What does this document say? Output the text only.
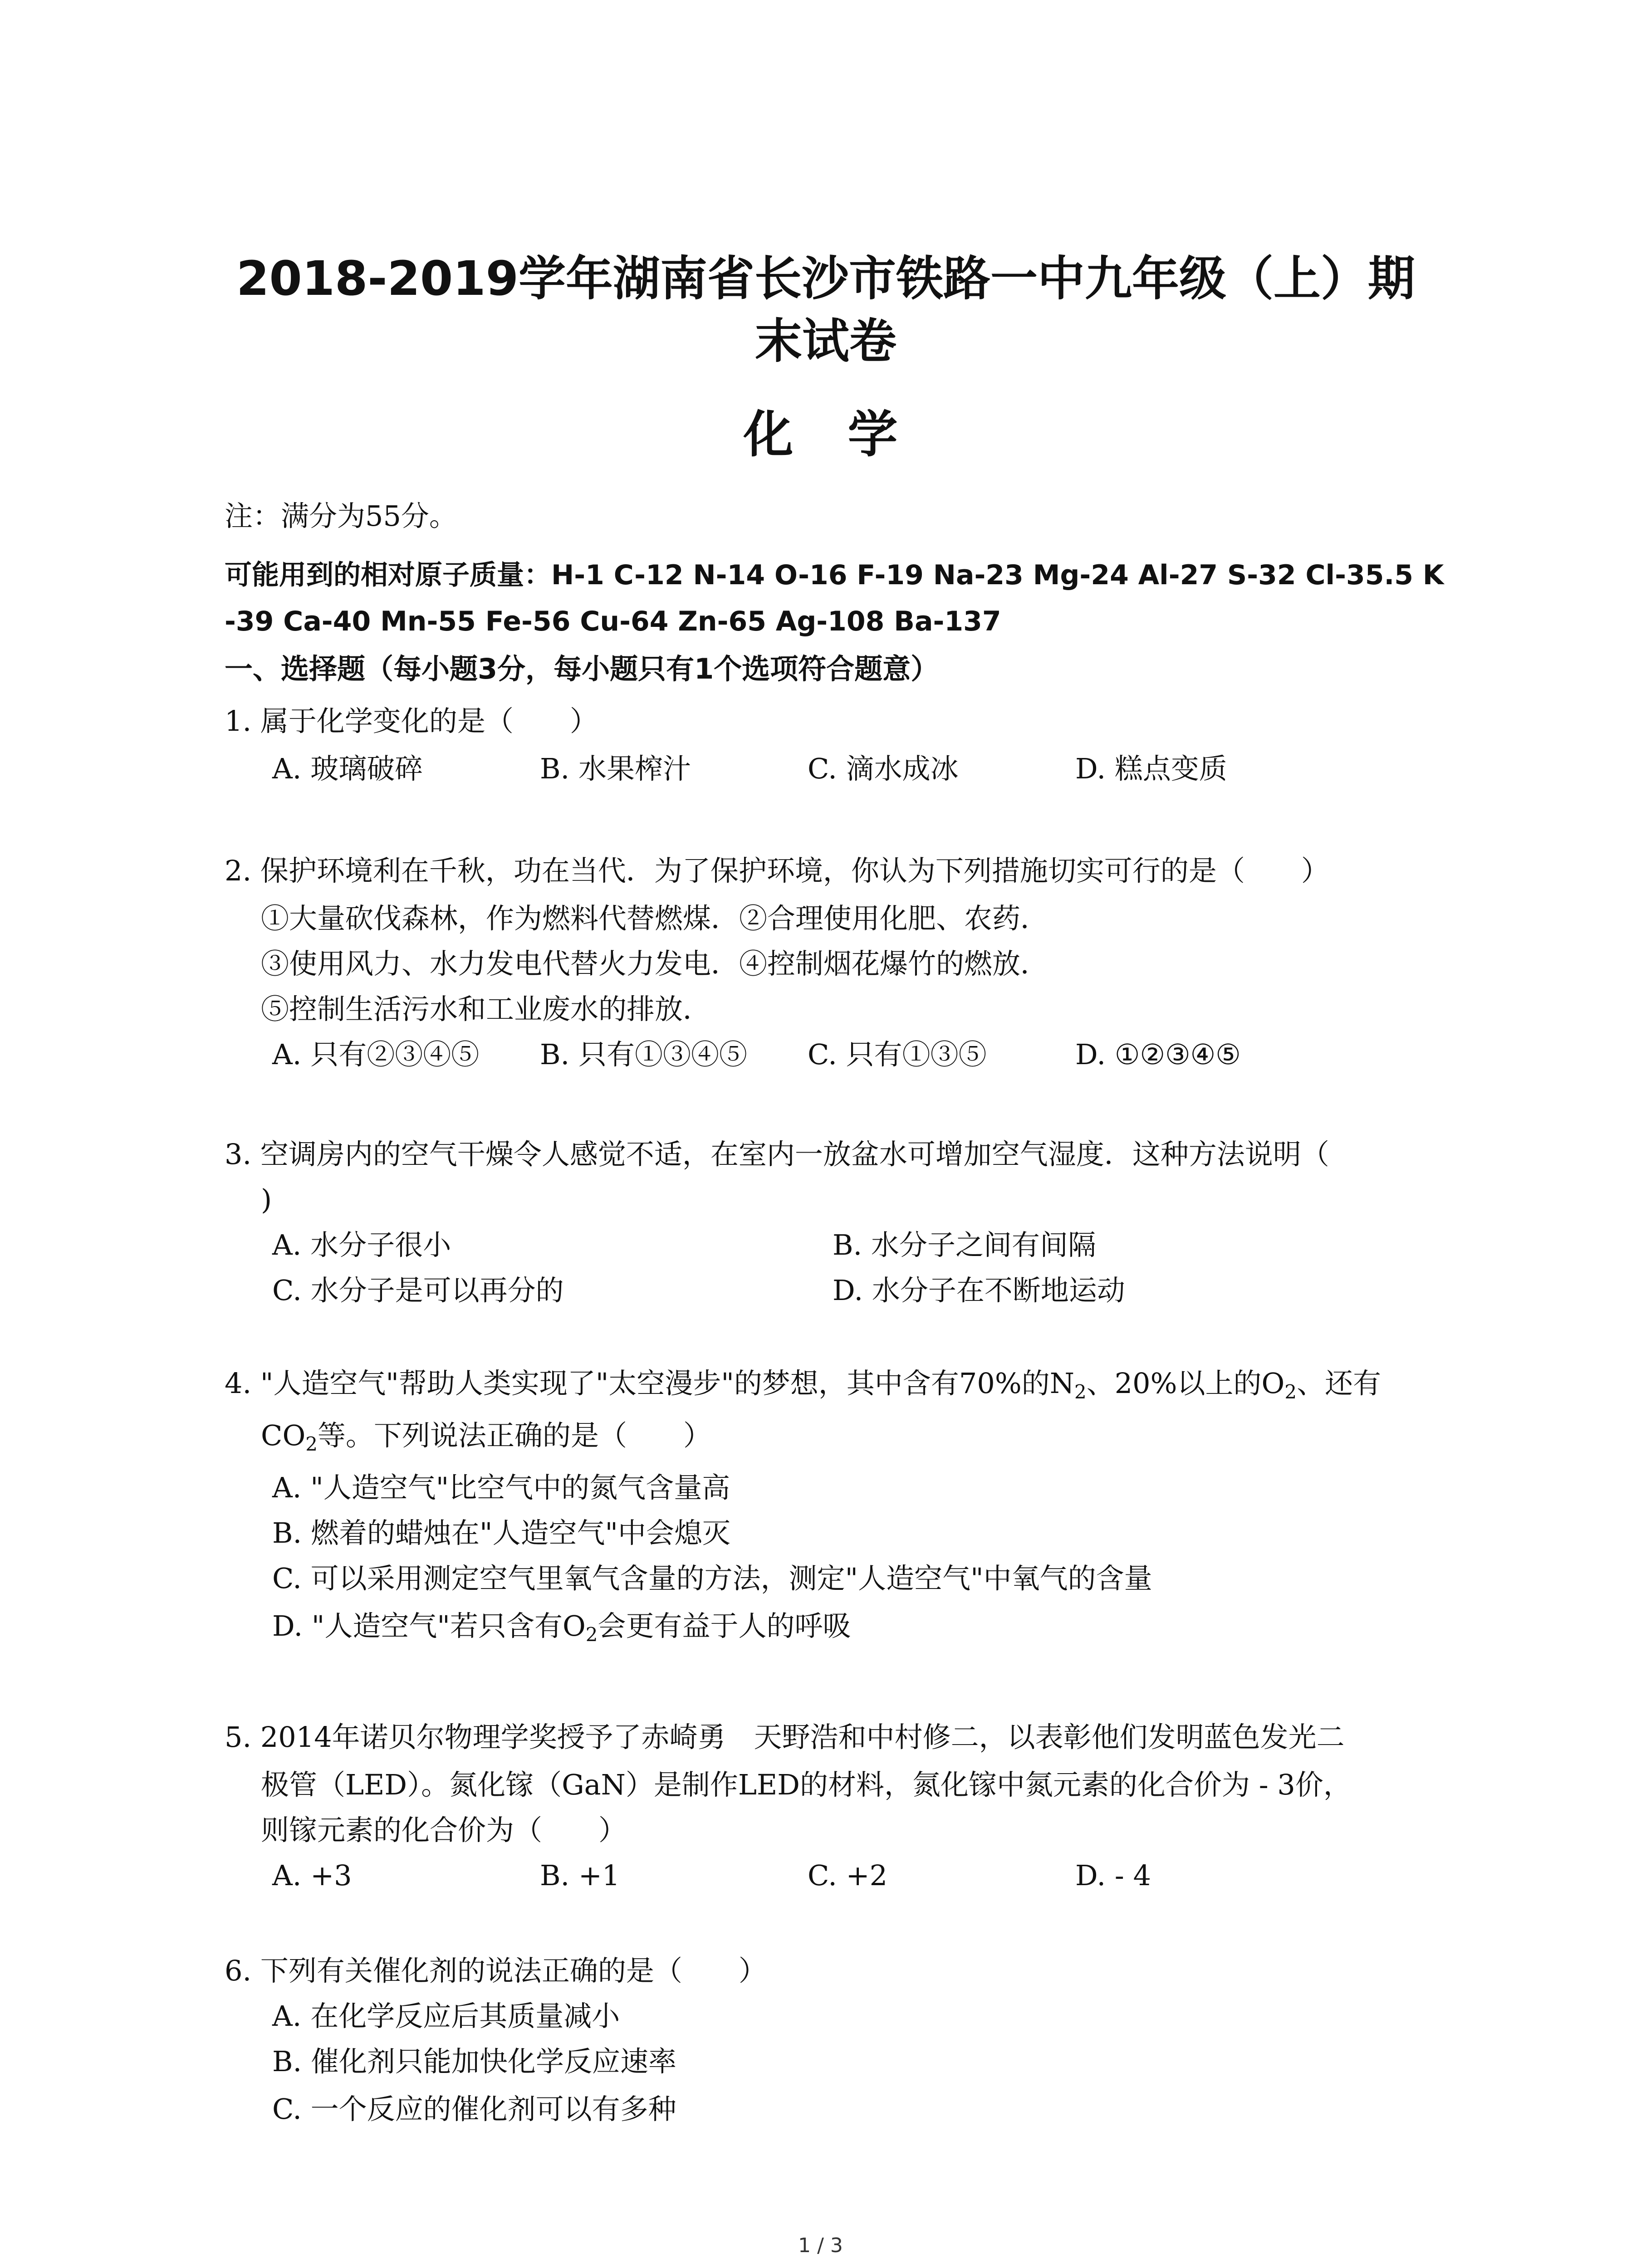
2018-2019学年湖南省长沙市铁路一中九年级（上）期
末试卷
化学
注：满分为55分。
可能用到的相对原子质量：H-1 C-12 N-14 O-16 F-19 Na-23 Mg-24 Al-27 S-32 Cl-35.5 K
-39 Ca-40 Mn-55 Fe-56 Cu-64 Zn-65 Ag-108 Ba-137
一、选择题（每小题3分，每小题只有1个选项符合题意）
1. 属于化学变化的是（　　）
A. 玻璃破碎	B. 水果榨汁	C. 滴水成冰	D. 糕点变质
2. 保护环境利在千秋，功在当代．为了保护环境，你认为下列措施切实可行的是（　　）
①大量砍伐森林，作为燃料代替燃煤．②合理使用化肥、农药．
③使用风力、水力发电代替火力发电．④控制烟花爆竹的燃放．
⑤控制生活污水和工业废水的排放．
A. 只有②③④⑤ B. 只有①③④⑤ C. 只有①③⑤	D. ①②③④⑤
3. 空调房内的空气干燥令人感觉不适，在室内一放盆水可增加空气湿度．这种方法说明（
)
A. 水分子很小	B. 水分子之间有间隔
C. 水分子是可以再分的	D. 水分子在不断地运动
4. "人造空气"帮助人类实现了"太空漫步"的梦想，其中含有70%的$N_2$、20%以上的$O_2$、还有
$CO_2$等。下列说法正确的是（　　）
A. "人造空气"比空气中的氮气含量高
B. 燃着的蜡烛在"人造空气"中会熄灭
C. 可以采用测定空气里氧气含量的方法，测定"人造空气"中氧气的含量
D. "人造空气"若只含有$O_2$会更有益于人的呼吸
5. 2014年诺贝尔物理学奖授予了赤崎勇　天野浩和中村修二，以表彰他们发明蓝色发光二
极管（LED）。氮化镓（GaN）是制作LED的材料，氮化镓中氮元素的化合价为 - 3价，
则镓元素的化合价为（　　）
A. +3	B. +1	C. +2	D. - 4
6. 下列有关催化剂的说法正确的是（　　）
A. 在化学反应后其质量减小
B. 催化剂只能加快化学反应速率
C. 一个反应的催化剂可以有多种
1 / 3
